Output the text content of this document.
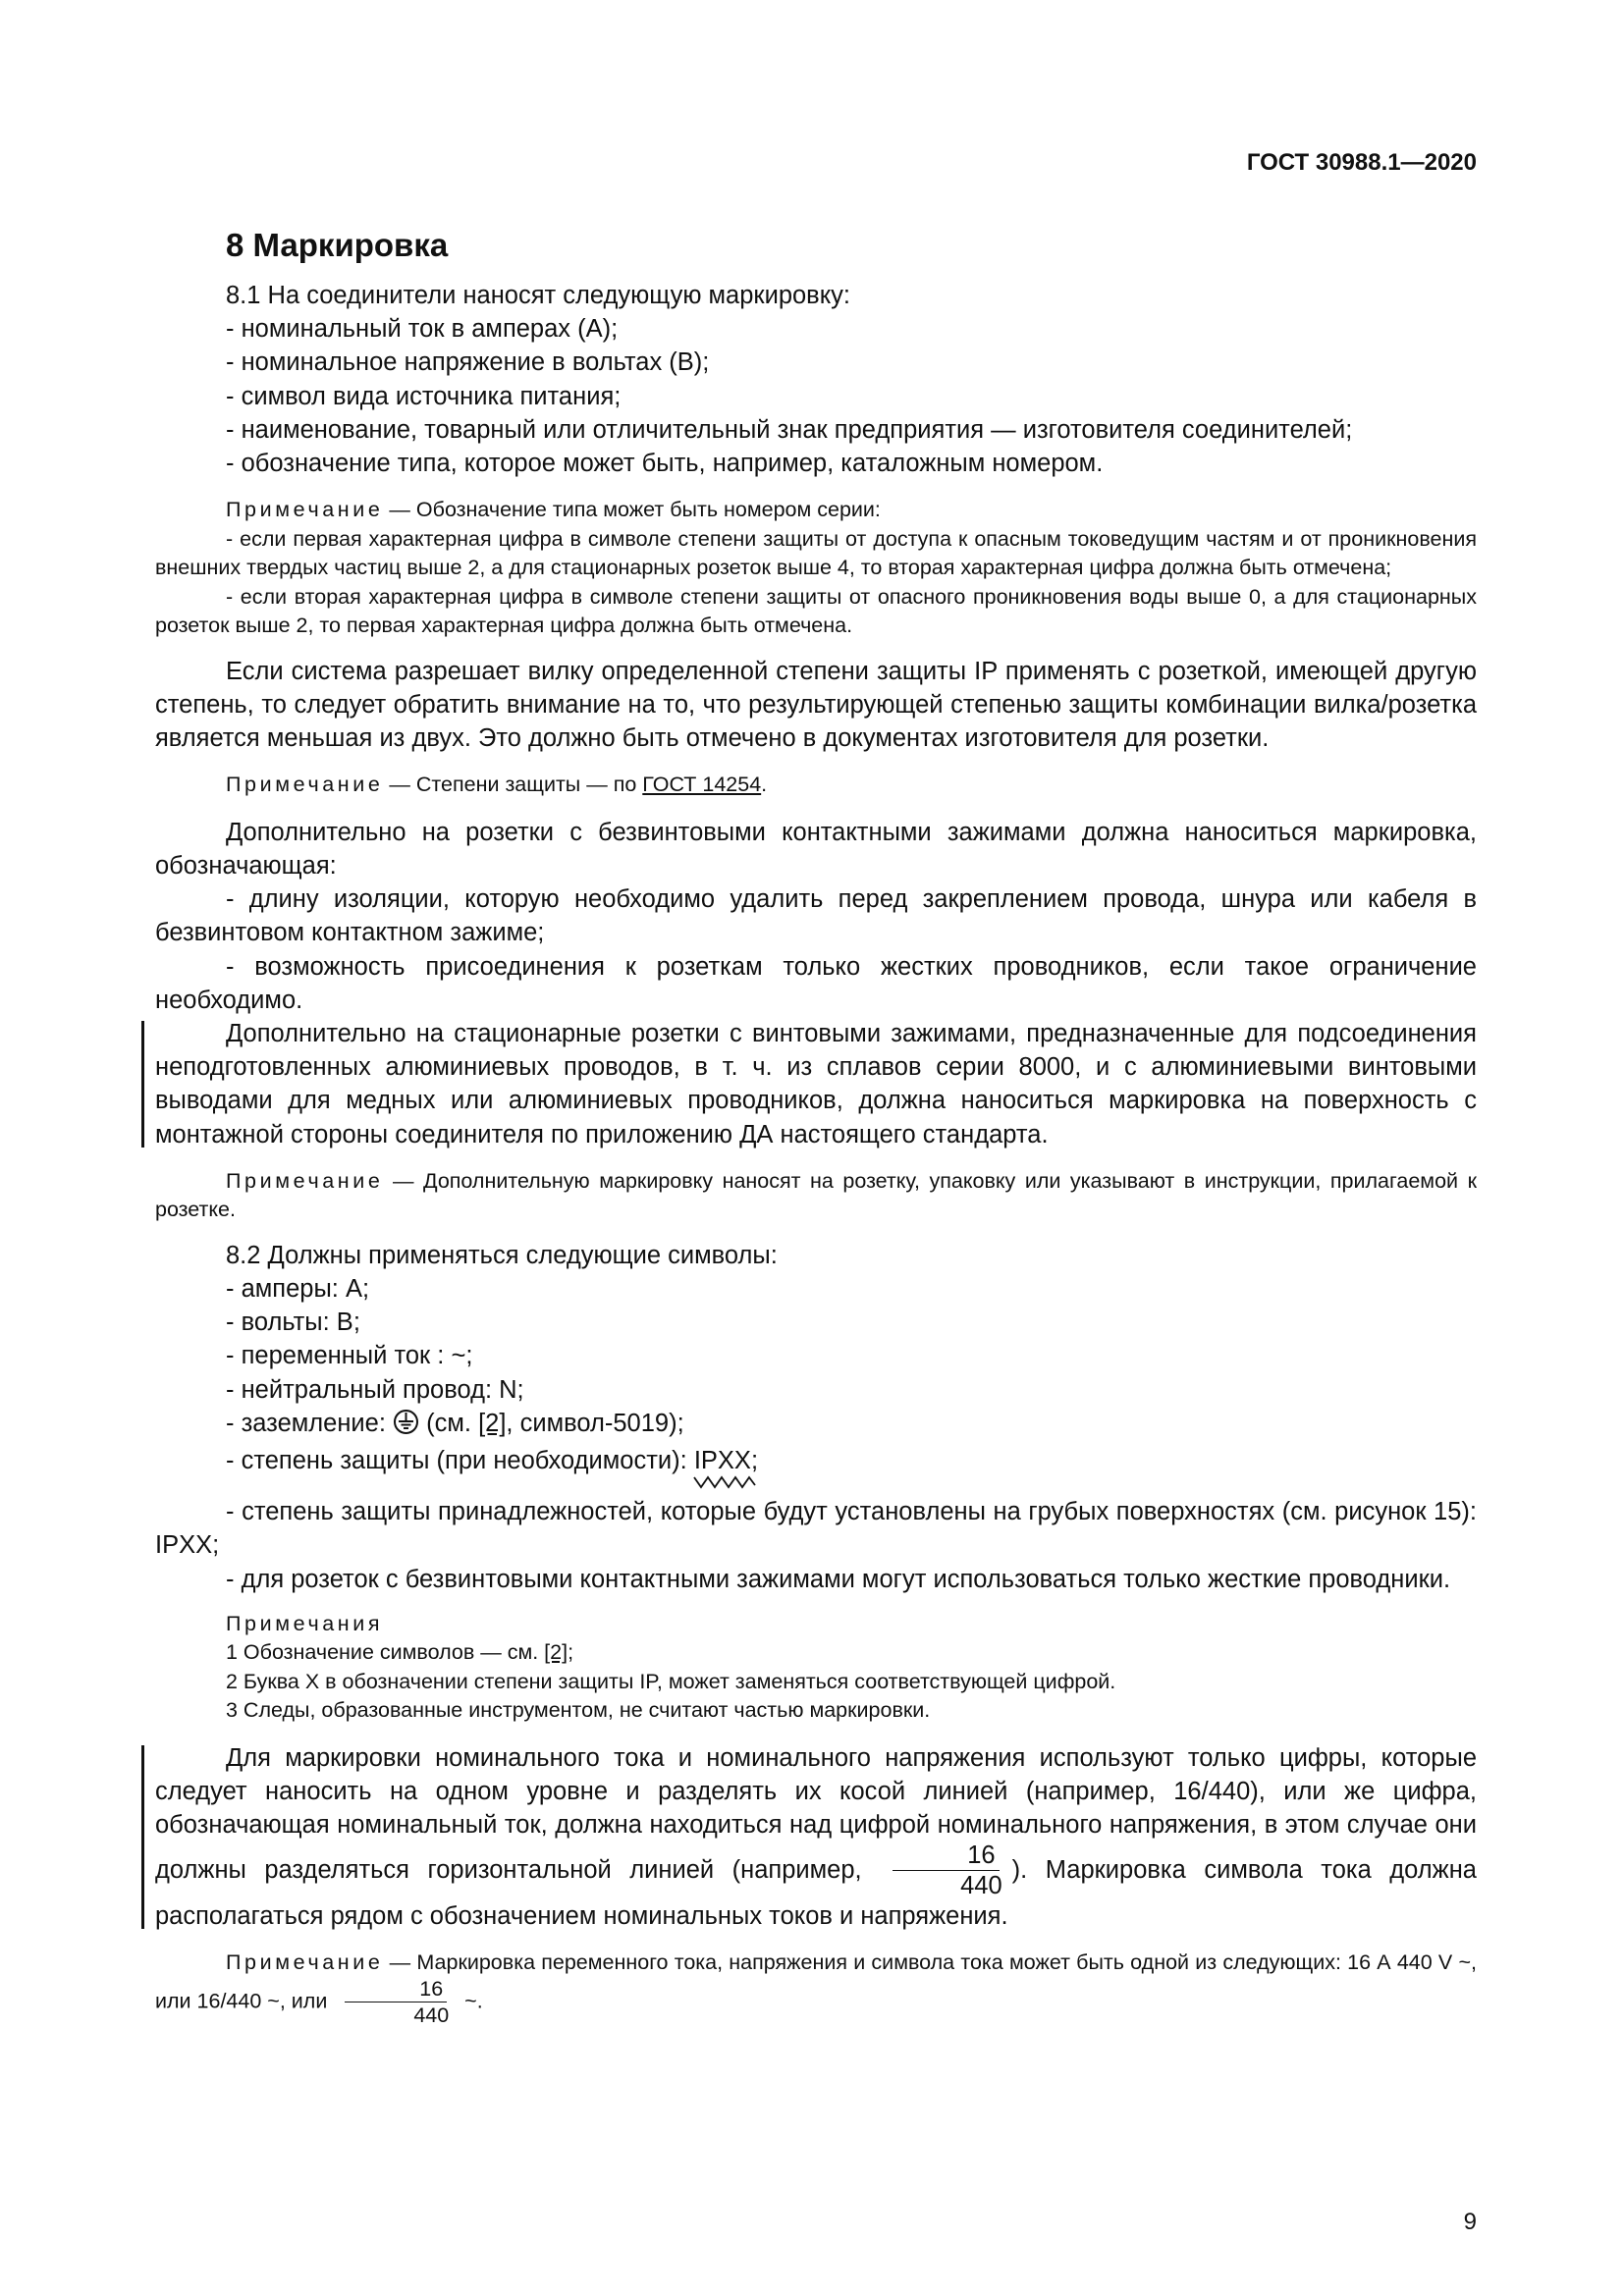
ГОСТ 30988.1—2020
8 Маркировка

8.1 На соединители наносят следующую маркировку:

- номинальный ток в амперах (А);

- номинальное напряжение в вольтах (В);

- символ вида источника питания;

- наименование, товарный или отличительный знак предприятия — изготовителя соединителей;

- обозначение типа, которое может быть, например, каталожным номером.

Примечание — Обозначение типа может быть номером серии:

- если первая характерная цифра в символе степени защиты от доступа к опасным токоведущим частям и от проникновения внешних твердых частиц выше 2, а для стационарных розеток выше 4, то вторая характерная цифра должна быть отмечена;

- если вторая характерная цифра в символе степени защиты от опасного проникновения воды выше 0, а для стационарных розеток выше 2, то первая характерная цифра должна быть отмечена.

Если система разрешает вилку определенной степени защиты IP применять с розеткой, имеющей другую степень, то следует обратить внимание на то, что результирующей степенью защиты комбинации вилка/розетка является меньшая из двух. Это должно быть отмечено в документах изготовителя для розетки.

Примечание — Степени защиты — по ГОСТ 14254.

Дополнительно на розетки с безвинтовыми контактными зажимами должна наноситься маркировка, обозначающая:

- длину изоляции, которую необходимо удалить перед закреплением провода, шнура или кабеля в безвинтовом контактном зажиме;

- возможность присоединения к розеткам только жестких проводников, если такое ограничение необходимо.

Дополнительно на стационарные розетки с винтовыми зажимами, предназначенные для подсоединения неподготовленных алюминиевых проводов, в т. ч. из сплавов серии 8000, и с алюминиевыми винтовыми выводами для медных или алюминиевых проводников, должна наноситься маркировка на поверхность с монтажной стороны соединителя по приложению ДА настоящего стандарта.

Примечание — Дополнительную маркировку наносят на розетку, упаковку или указывают в инструкции, прилагаемой к розетке.

8.2 Должны применяться следующие символы:

- амперы: А;

- вольты: В;

- переменный ток : ~;

- нейтральный провод: N;

- заземление:  (см. [2], символ-5019);

- степень защиты (при необходимости): IPXX
;

- степень защиты принадлежностей, которые будут установлены на грубых поверхностях (см. рисунок 15): IPXX;

- для розеток с безвинтовыми контактными зажимами могут использоваться только жесткие проводники.

Примечания

1 Обозначение символов — см. [2];

2 Буква X в обозначении степени защиты IP, может заменяться соответствующей цифрой.

3 Следы, образованные инструментом, не считают частью маркировки.

Для маркировки номинального тока и номинального напряжения используют только цифры, которые следует наносить на одном уровне и разделять их косой линией (например, 16/440), или же цифра, обозначающая номинальный ток, должна находиться над цифрой номинального напряжения, в этом случае они должны разделяться горизонтальной линией (например, $\frac{16}{440}$ ). Маркировка символа тока должна располагаться рядом с обозначением номинальных токов и напряжения.

Примечание — Маркировка переменного тока, напряжения и символа тока может быть одной из следующих: 16 А 440 V ~, или 16/440 ~, или $\frac{16}{440}$ ~.

9
